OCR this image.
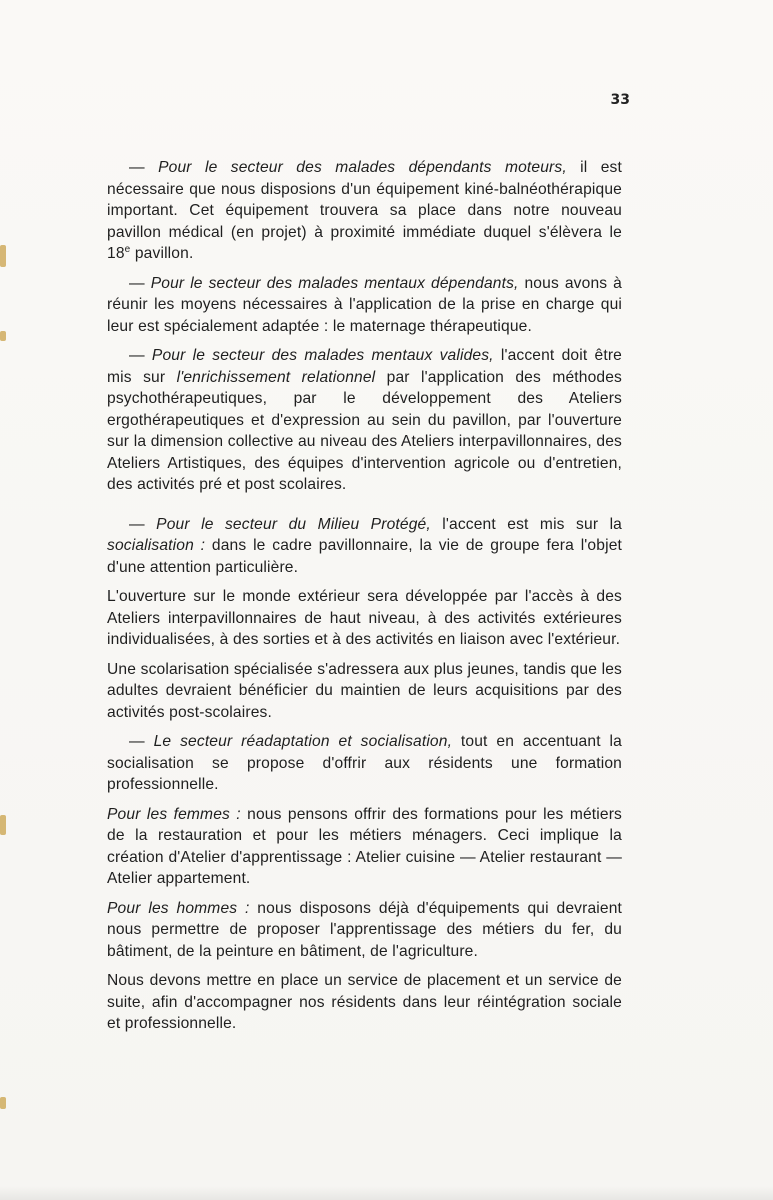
33

— Pour le secteur des malades dépendants moteurs, il est nécessaire que nous disposions d'un équipement kiné-balnéothérapique important. Cet équipement trouvera sa place dans notre nouveau pavillon médical (en projet) à proximité immédiate duquel s'élèvera le 18e pavillon.

— Pour le secteur des malades mentaux dépendants, nous avons à réunir les moyens nécessaires à l'application de la prise en charge qui leur est spécialement adaptée : le maternage thérapeutique.

— Pour le secteur des malades mentaux valides, l'accent doit être mis sur l'enrichissement relationnel par l'application des méthodes psychothérapeutiques, par le développement des Ateliers ergothérapeutiques et d'expression au sein du pavillon, par l'ouverture sur la dimension collective au niveau des Ateliers interpavillonnaires, des Ateliers Artistiques, des équipes d'intervention agricole ou d'entretien, des activités pré et post scolaires.

— Pour le secteur du Milieu Protégé, l'accent est mis sur la socialisation : dans le cadre pavillonnaire, la vie de groupe fera l'objet d'une attention particulière.

L'ouverture sur le monde extérieur sera développée par l'accès à des Ateliers interpavillonnaires de haut niveau, à des activités extérieures individualisées, à des sorties et à des activités en liaison avec l'extérieur.

Une scolarisation spécialisée s'adressera aux plus jeunes, tandis que les adultes devraient bénéficier du maintien de leurs acquisitions par des activités post-scolaires.

— Le secteur réadaptation et socialisation, tout en accentuant la socialisation se propose d'offrir aux résidents une formation professionnelle.

Pour les femmes : nous pensons offrir des formations pour les métiers de la restauration et pour les métiers ménagers. Ceci implique la création d'Atelier d'apprentissage : Atelier cuisine — Atelier restaurant — Atelier appartement.

Pour les hommes : nous disposons déjà d'équipements qui devraient nous permettre de proposer l'apprentissage des métiers du fer, du bâtiment, de la peinture en bâtiment, de l'agriculture.

Nous devons mettre en place un service de placement et un service de suite, afin d'accompagner nos résidents dans leur réintégration sociale et professionnelle.
